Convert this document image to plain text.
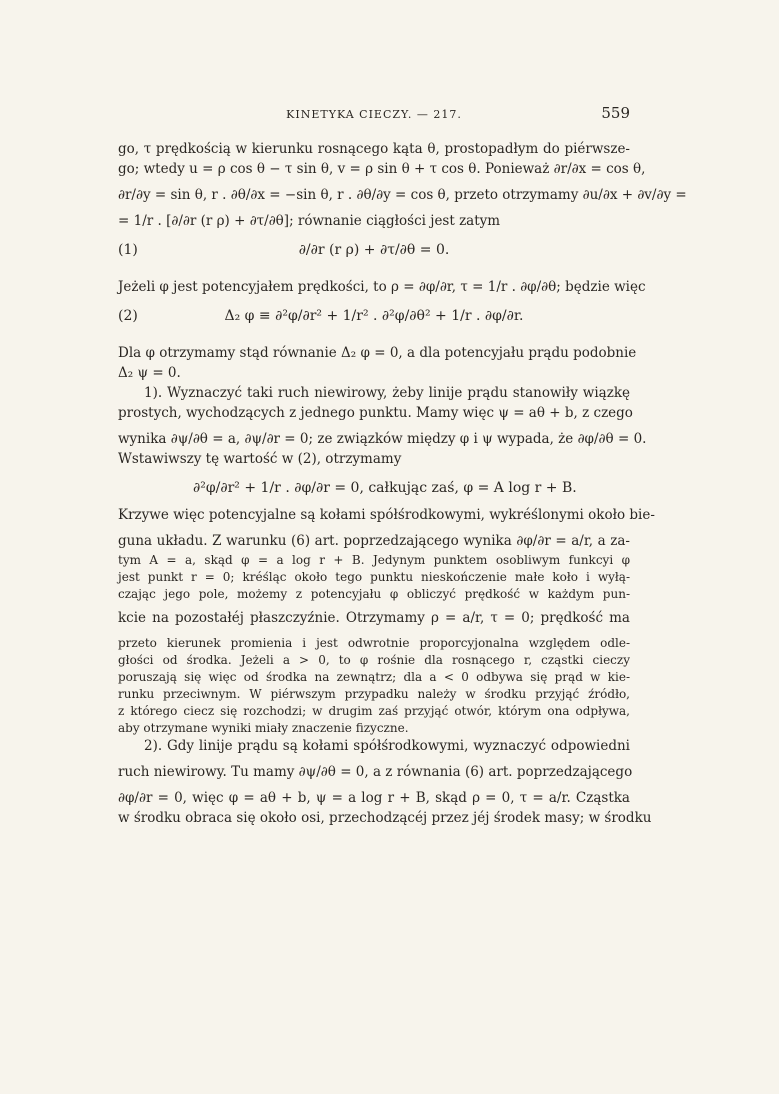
KINETYKA CIECZY. — 217.	559
go, τ prędkością w kierunku rosnącego kąta θ, prostopadłym do piérwsze-
go; wtedy u = ρ cos θ − τ sin θ, v = ρ sin θ + τ cos θ. Ponieważ ∂r/∂x = cos θ,
∂r/∂y = sin θ, r . ∂θ/∂x = −sin θ, r . ∂θ/∂y = cos θ, przeto otrzymamy ∂u/∂x + ∂v/∂y =
= 1/r . [∂/∂r (r ρ) + ∂τ/∂θ]; równanie ciągłości jest zatym
(1)	∂/∂r (r ρ) + ∂τ/∂θ = 0.
Jeżeli φ jest potencyjałem prędkości, to ρ = ∂φ/∂r, τ = 1/r . ∂φ/∂θ; będzie więc
(2)	Δ₂ φ ≡ ∂²φ/∂r² + 1/r² . ∂²φ/∂θ² + 1/r . ∂φ/∂r.
Dla φ otrzymamy stąd równanie Δ₂ φ = 0, a dla potencyjału prądu podobnie
Δ₂ ψ = 0.
1). Wyznaczyć taki ruch niewirowy, żeby linije prądu stanowiły wiązkę
prostych, wychodzących z jednego punktu. Mamy więc ψ = aθ + b, z czego
wynika ∂ψ/∂θ = a, ∂ψ/∂r = 0; ze związków między φ i ψ wypada, że ∂φ/∂θ = 0.
Wstawiwszy tę wartość w (2), otrzymamy
∂²φ/∂r² + 1/r . ∂φ/∂r = 0, całkując zaś, φ = A log r + B.
Krzywe więc potencyjalne są kołami spółśrodkowymi, wykréślonymi około bie-
guna układu. Z warunku (6) art. poprzedzającego wynika ∂φ/∂r = a/r, a za-
tym A = a, skąd φ = a log r + B. Jedynym punktem osobliwym funkcyi φ
jest punkt r = 0; kréśląc około tego punktu nieskończenie małe koło i wyłą-
czając jego pole, możemy z potencyjału φ obliczyć prędkość w każdym pun-
kcie na pozostałéj płaszczyźnie. Otrzymamy ρ = a/r, τ = 0; prędkość ma
przeto kierunek promienia i jest odwrotnie proporcyjonalna względem odle-
głości od środka. Jeżeli a > 0, to φ rośnie dla rosnącego r, cząstki cieczy
poruszają się więc od środka na zewnątrz; dla a < 0 odbywa się prąd w kie-
runku przeciwnym. W piérwszym przypadku należy w środku przyjąć źródło,
z którego ciecz się rozchodzi; w drugim zaś przyjąć otwór, którym ona odpływa,
aby otrzymane wyniki miały znaczenie fizyczne.
2). Gdy linije prądu są kołami spółśrodkowymi, wyznaczyć odpowiedni
ruch niewirowy. Tu mamy ∂ψ/∂θ = 0, a z równania (6) art. poprzedzającego
∂φ/∂r = 0, więc φ = aθ + b, ψ = a log r + B, skąd ρ = 0, τ = a/r. Cząstka
w środku obraca się około osi, przechodzącéj przez jéj środek masy; w środku
